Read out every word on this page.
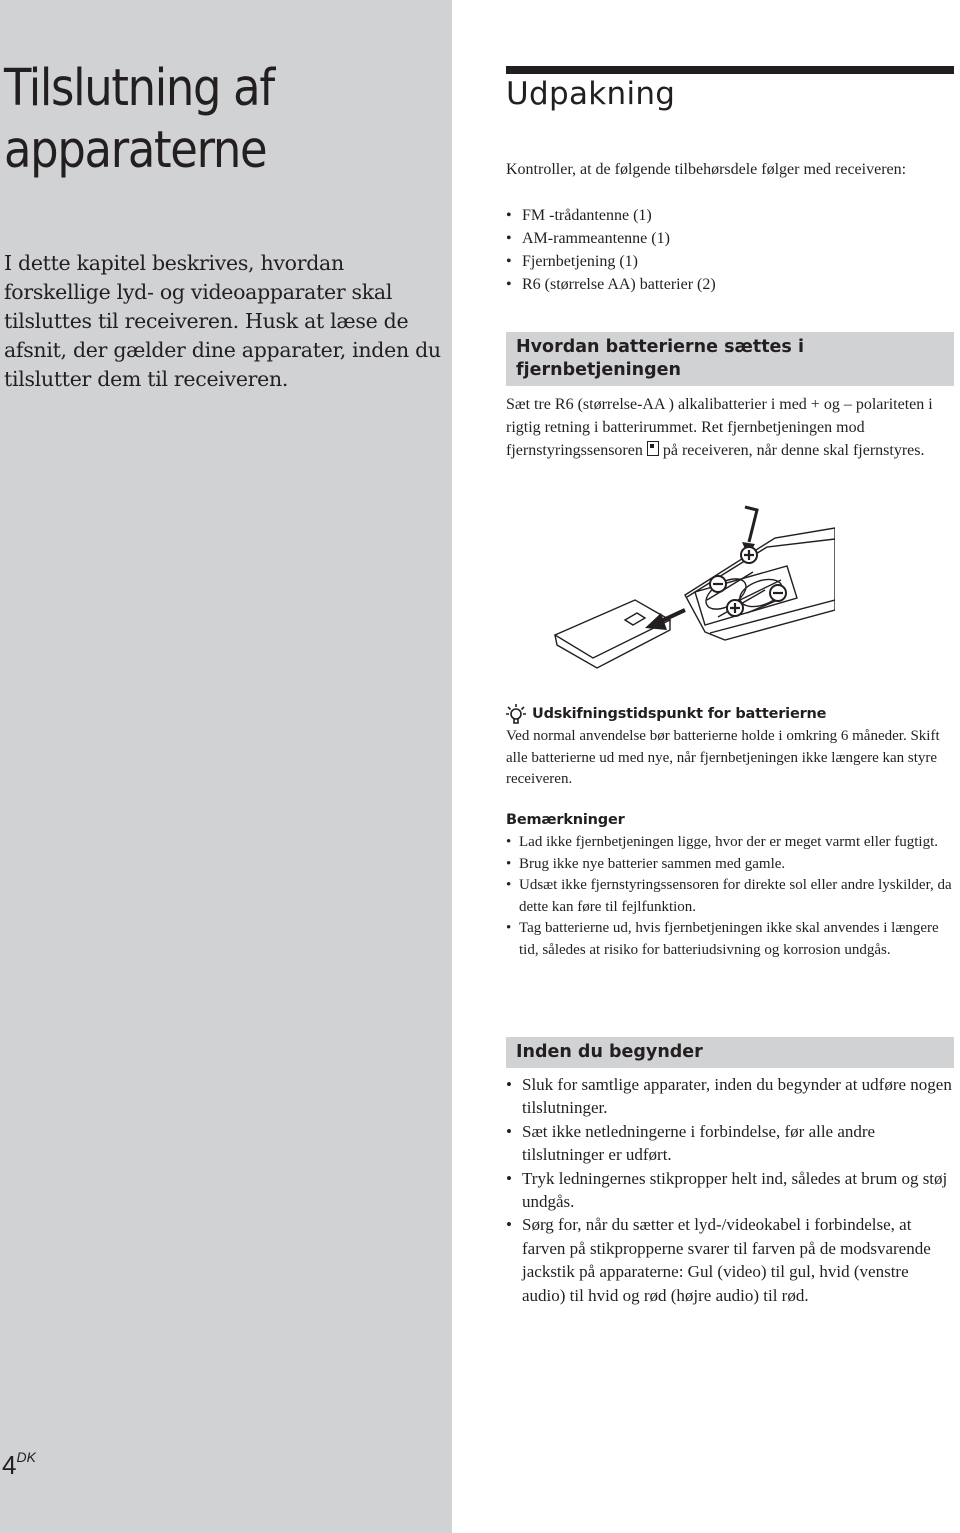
Tilslutning af
apparaterne

I dette kapitel beskrives, hvordan forskellige lyd- og videoapparater skal tilsluttes til receiveren. Husk at læse de afsnit, der gælder dine apparater, inden du tilslutter dem til receiveren.

$4^{DK}$
Udpakning

Kontroller, at de følgende tilbehørsdele følger med receiveren:

• FM -trådantenne (1)
• AM-rammeantenne (1)
• Fjernbetjening (1)
• R6 (størrelse AA) batterier (2)
Hvordan batterierne sættes i
fjernbetjeningen

Sæt tre R6 (størrelse-AA ) alkalibatterier i med + og – polariteten i rigtig retning i batterirummet. Ret fjernbetjeningen mod fjernstyringssensoren på receiveren, når denne skal fjernstyres.

Udskifningstidspunkt for batterierne

Ved normal anvendelse bør batterierne holde i omkring 6 måneder. Skift alle batterierne ud med nye, når fjernbetjeningen ikke længere kan styre receiveren.

Bemærkninger
• Lad ikke fjernbetjeningen ligge, hvor der er meget varmt eller fugtigt.
• Brug ikke nye batterier sammen med gamle.
• Udsæt ikke fjernstyringssensoren for direkte sol eller andre lyskilder, da dette kan føre til fejlfunktion.
• Tag batterierne ud, hvis fjernbetjeningen ikke skal anvendes i længere tid, således at risiko for batteriudsivning og korrosion undgås.
Inden du begynder
• Sluk for samtlige apparater, inden du begynder at udføre nogen tilslutninger.
• Sæt ikke netledningerne i forbindelse, før alle andre tilslutninger er udført.
• Tryk ledningernes stikpropper helt ind, således at brum og støj undgås.
• Sørg for, når du sætter et lyd-/videokabel i forbindelse, at farven på stikpropperne svarer til farven på de modsvarende jackstik på apparaterne: Gul (video) til gul, hvid (venstre audio) til hvid og rød (højre audio) til rød.
